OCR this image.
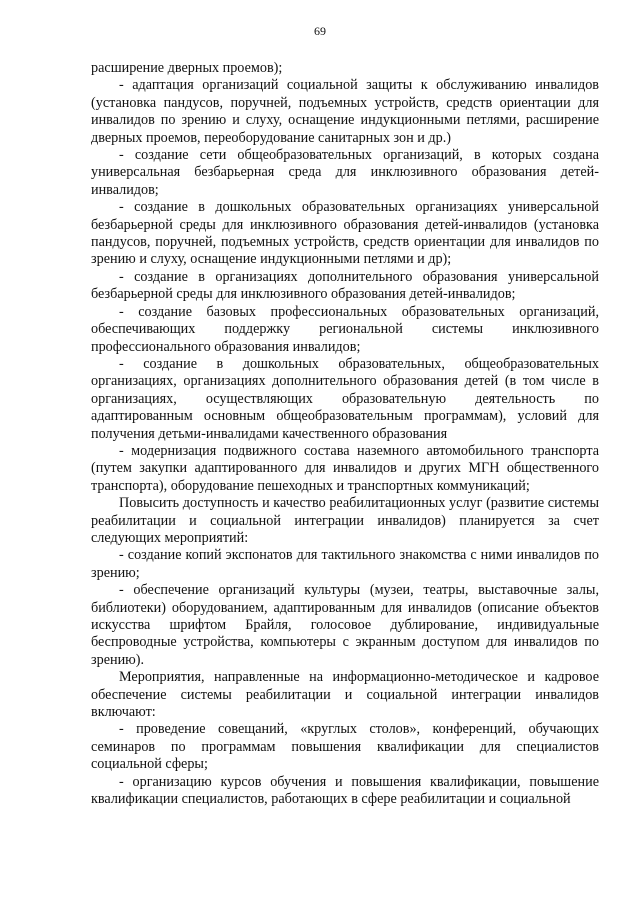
69

расширение дверных проемов);

- адаптация организаций социальной защиты к обслуживанию инвалидов (установка пандусов, поручней, подъемных устройств, средств ориентации для инвалидов по зрению и слуху, оснащение индукционными петлями, расширение дверных проемов, переоборудование санитарных зон и др.)

- создание сети общеобразовательных организаций, в которых создана универсальная безбарьерная среда для инклюзивного образования детей-инвалидов;

- создание в дошкольных образовательных организациях универсальной безбарьерной среды для инклюзивного образования детей-инвалидов (установка пандусов, поручней, подъемных устройств, средств ориентации для инвалидов по зрению и слуху, оснащение индукционными петлями и др);

- создание в организациях дополнительного образования универсальной безбарьерной среды для инклюзивного образования детей-инвалидов;

- создание базовых профессиональных образовательных организаций, обеспечивающих поддержку региональной системы инклюзивного профессионального образования инвалидов;

- создание в дошкольных образовательных, общеобразовательных организациях, организациях дополнительного образования детей (в том числе в организациях, осуществляющих образовательную деятельность по адаптированным основным общеобразовательным программам), условий для получения детьми-инвалидами качественного образования

- модернизация подвижного состава наземного автомобильного транспорта (путем закупки адаптированного для инвалидов и других МГН общественного транспорта), оборудование пешеходных и транспортных коммуникаций;

Повысить доступность и качество реабилитационных услуг (развитие системы реабилитации и социальной интеграции инвалидов) планируется за счет следующих мероприятий:

- создание копий экспонатов для тактильного знакомства с ними инвалидов по зрению;

- обеспечение организаций культуры (музеи, театры, выставочные залы, библиотеки) оборудованием, адаптированным для инвалидов (описание объектов искусства шрифтом Брайля, голосовое дублирование, индивидуальные беспроводные устройства, компьютеры с экранным доступом для инвалидов по зрению).

Мероприятия, направленные на информационно-методическое и кадровое обеспечение системы реабилитации и социальной интеграции инвалидов включают:

- проведение совещаний, «круглых столов», конференций, обучающих семинаров по программам повышения квалификации для специалистов социальной сферы;

- организацию курсов обучения и повышения квалификации, повышение квалификации специалистов, работающих в сфере реабилитации и социальной
